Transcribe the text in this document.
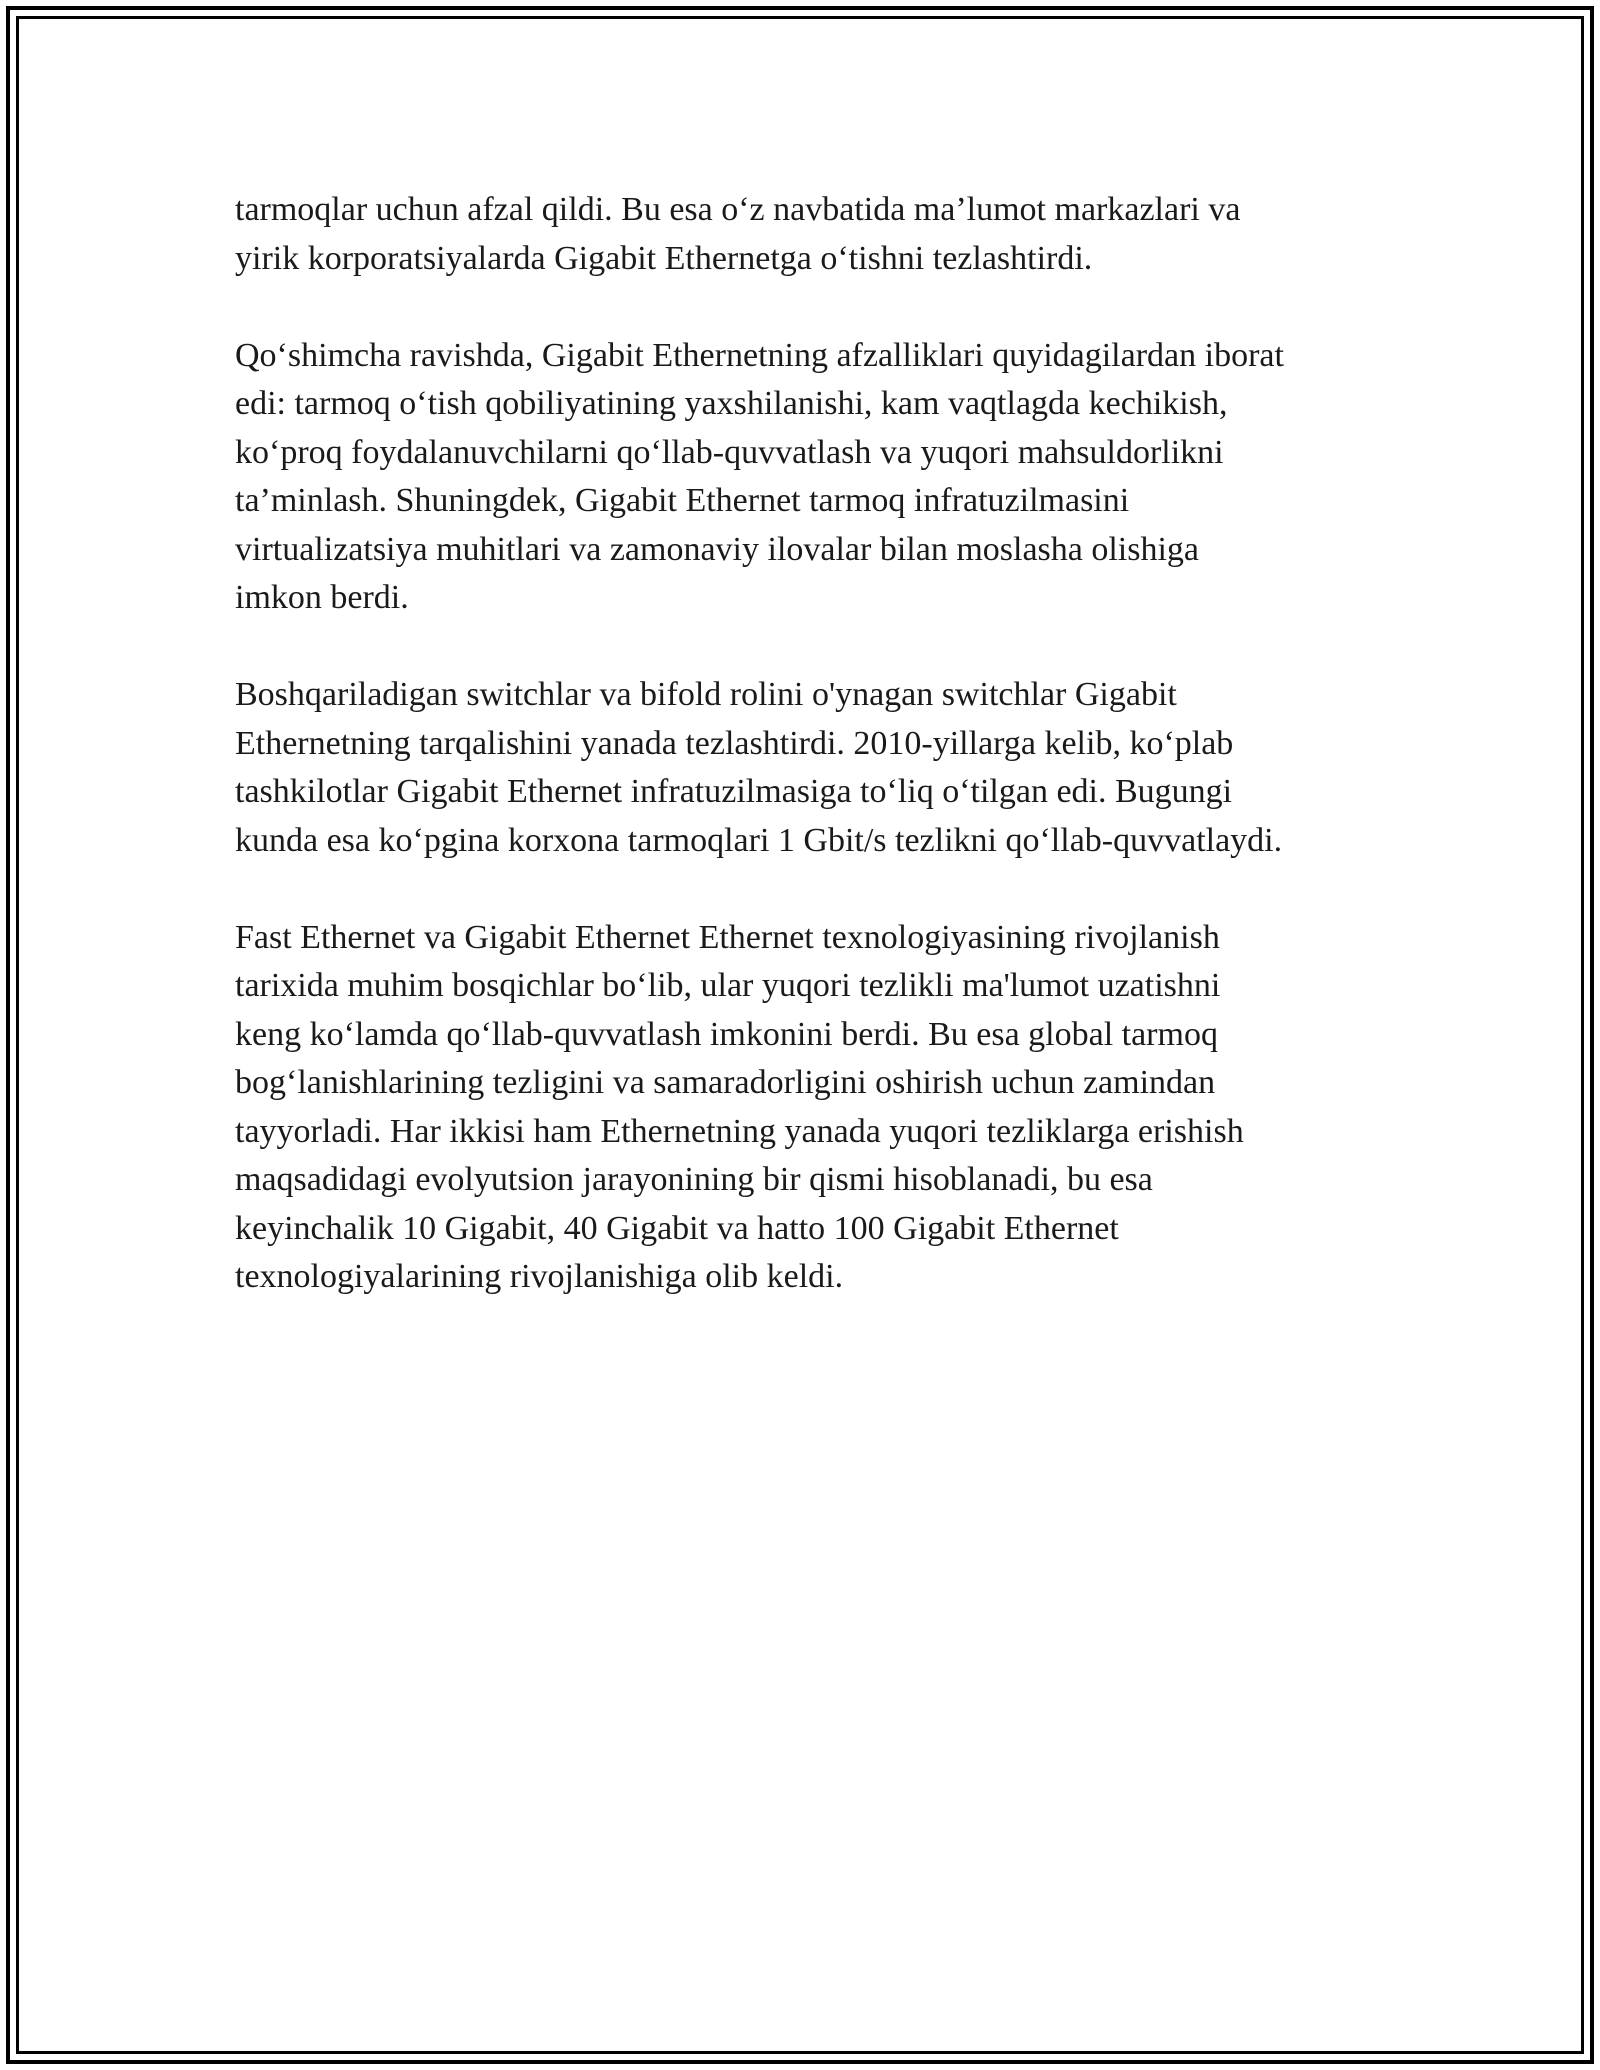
tarmoqlar uchun afzal qildi. Bu esa o‘z navbatida ma’lumot markazlari va
yirik korporatsiyalarda Gigabit Ethernetga o‘tishni tezlashtirdi.

Qo‘shimcha ravishda, Gigabit Ethernetning afzalliklari quyidagilardan iborat
edi: tarmoq o‘tish qobiliyatining yaxshilanishi, kam vaqtlagda kechikish,
ko‘proq foydalanuvchilarni qo‘llab-quvvatlash va yuqori mahsuldorlikni
ta’minlash. Shuningdek, Gigabit Ethernet tarmoq infratuzilmasini
virtualizatsiya muhitlari va zamonaviy ilovalar bilan moslasha olishiga
imkon berdi.

Boshqariladigan switchlar va bifold rolini o'ynagan switchlar Gigabit
Ethernetning tarqalishini yanada tezlashtirdi. 2010-yillarga kelib, ko‘plab
tashkilotlar Gigabit Ethernet infratuzilmasiga to‘liq o‘tilgan edi. Bugungi
kunda esa ko‘pgina korxona tarmoqlari 1 Gbit/s tezlikni qo‘llab-quvvatlaydi.

Fast Ethernet va Gigabit Ethernet Ethernet texnologiyasining rivojlanish
tarixida muhim bosqichlar bo‘lib, ular yuqori tezlikli ma'lumot uzatishni
keng ko‘lamda qo‘llab-quvvatlash imkonini berdi. Bu esa global tarmoq
bog‘lanishlarining tezligini va samaradorligini oshirish uchun zamindan
tayyorladi. Har ikkisi ham Ethernetning yanada yuqori tezliklarga erishish
maqsadidagi evolyutsion jarayonining bir qismi hisoblanadi, bu esa
keyinchalik 10 Gigabit, 40 Gigabit va hatto 100 Gigabit Ethernet
texnologiyalarining rivojlanishiga olib keldi.
